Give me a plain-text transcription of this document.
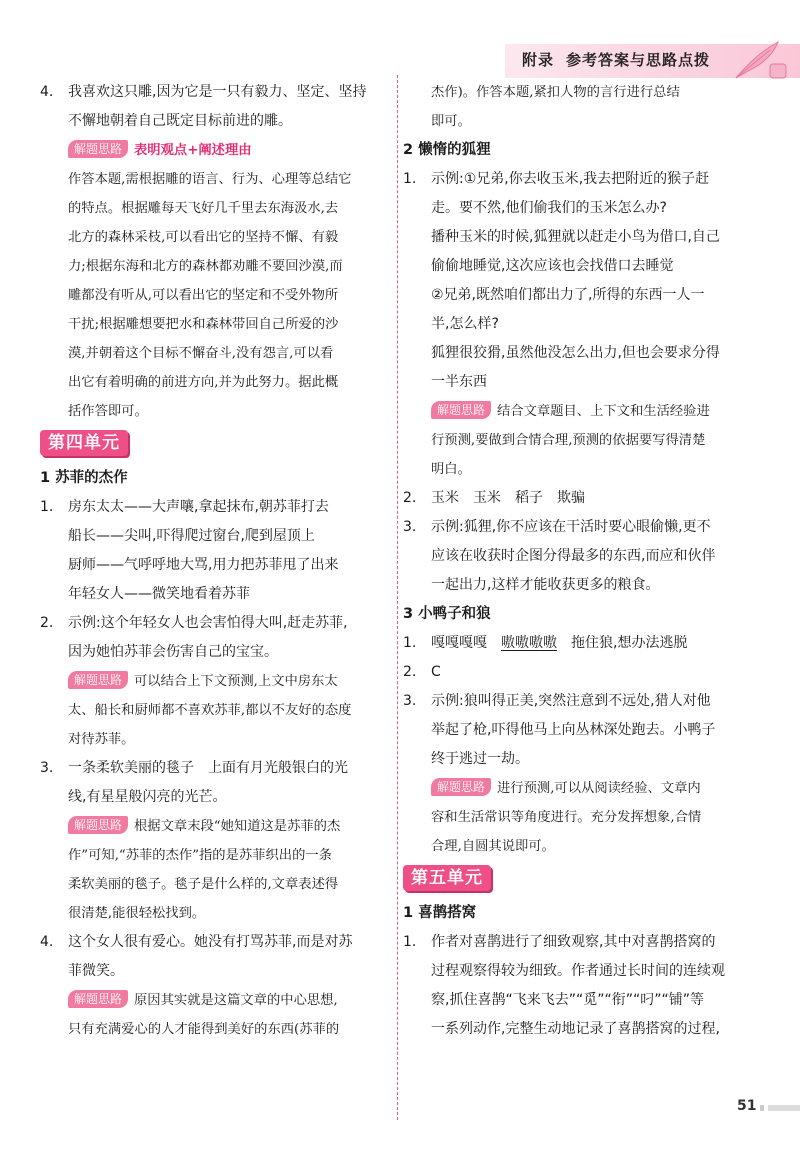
附录 参考答案与思路点拨
4. 我喜欢这只雕,因为它是一只有毅力、坚定、坚持
不懈地朝着自己既定目标前进的雕。
解题思路 表明观点+阐述理由
作答本题,需根据雕的语言、行为、心理等总结它
的特点。根据雕每天飞好几千里去东海汲水,去
北方的森林采枝,可以看出它的坚持不懈、有毅
力;根据东海和北方的森林都劝雕不要回沙漠,而
雕都没有听从,可以看出它的坚定和不受外物所
干扰;根据雕想要把水和森林带回自己所爱的沙
漠,并朝着这个目标不懈奋斗,没有怨言,可以看
出它有着明确的前进方向,并为此努力。据此概
括作答即可。
第四单元
1 苏菲的杰作
1. 房东太太——大声嚷,拿起抹布,朝苏菲打去
船长——尖叫,吓得爬过窗台,爬到屋顶上
厨师——气呼呼地大骂,用力把苏菲甩了出来
年轻女人——微笑地看着苏菲
2. 示例:这个年轻女人也会害怕得大叫,赶走苏菲,
因为她怕苏菲会伤害自己的宝宝。
解题思路 可以结合上下文预测,上文中房东太
太、船长和厨师都不喜欢苏菲,都以不友好的态度
对待苏菲。
3. 一条柔软美丽的毯子 上面有月光般银白的光
线,有星星般闪亮的光芒。
解题思路 根据文章末段“她知道这是苏菲的杰
作”可知,“苏菲的杰作”指的是苏菲织出的一条
柔软美丽的毯子。毯子是什么样的,文章表述得
很清楚,能很轻松找到。
4. 这个女人很有爱心。她没有打骂苏菲,而是对苏
菲微笑。
解题思路 原因其实就是这篇文章的中心思想,
只有充满爱心的人才能得到美好的东西(苏菲的
杰作)。作答本题,紧扣人物的言行进行总结
即可。
2 懒惰的狐狸
1. 示例:①兄弟,你去收玉米,我去把附近的猴子赶
走。要不然,他们偷我们的玉米怎么办?
播种玉米的时候,狐狸就以赶走小鸟为借口,自己
偷偷地睡觉,这次应该也会找借口去睡觉
②兄弟,既然咱们都出力了,所得的东西一人一
半,怎么样?
狐狸很狡猾,虽然他没怎么出力,但也会要求分得
一半东西
解题思路 结合文章题目、上下文和生活经验进
行预测,要做到合情合理,预测的依据要写得清楚
明白。
2. 玉米 玉米 稻子 欺骗
3. 示例:狐狸,你不应该在干活时要心眼偷懒,更不
应该在收获时企图分得最多的东西,而应和伙伴
一起出力,这样才能收获更多的粮食。
3 小鸭子和狼
1. 嘎嘎嘎嘎 嗷嗷嗷嗷 拖住狼,想办法逃脱
2. C
3. 示例:狼叫得正美,突然注意到不远处,猎人对他
举起了枪,吓得他马上向丛林深处跑去。小鸭子
终于逃过一劫。
解题思路 进行预测,可以从阅读经验、文章内
容和生活常识等角度进行。充分发挥想象,合情
合理,自圆其说即可。
第五单元
1 喜鹊搭窝
1. 作者对喜鹊进行了细致观察,其中对喜鹊搭窝的
过程观察得较为细致。作者通过长时间的连续观
察,抓住喜鹊“飞来飞去”“觅”“衔”“叼”“铺”等
一系列动作,完整生动地记录了喜鹊搭窝的过程,
51
